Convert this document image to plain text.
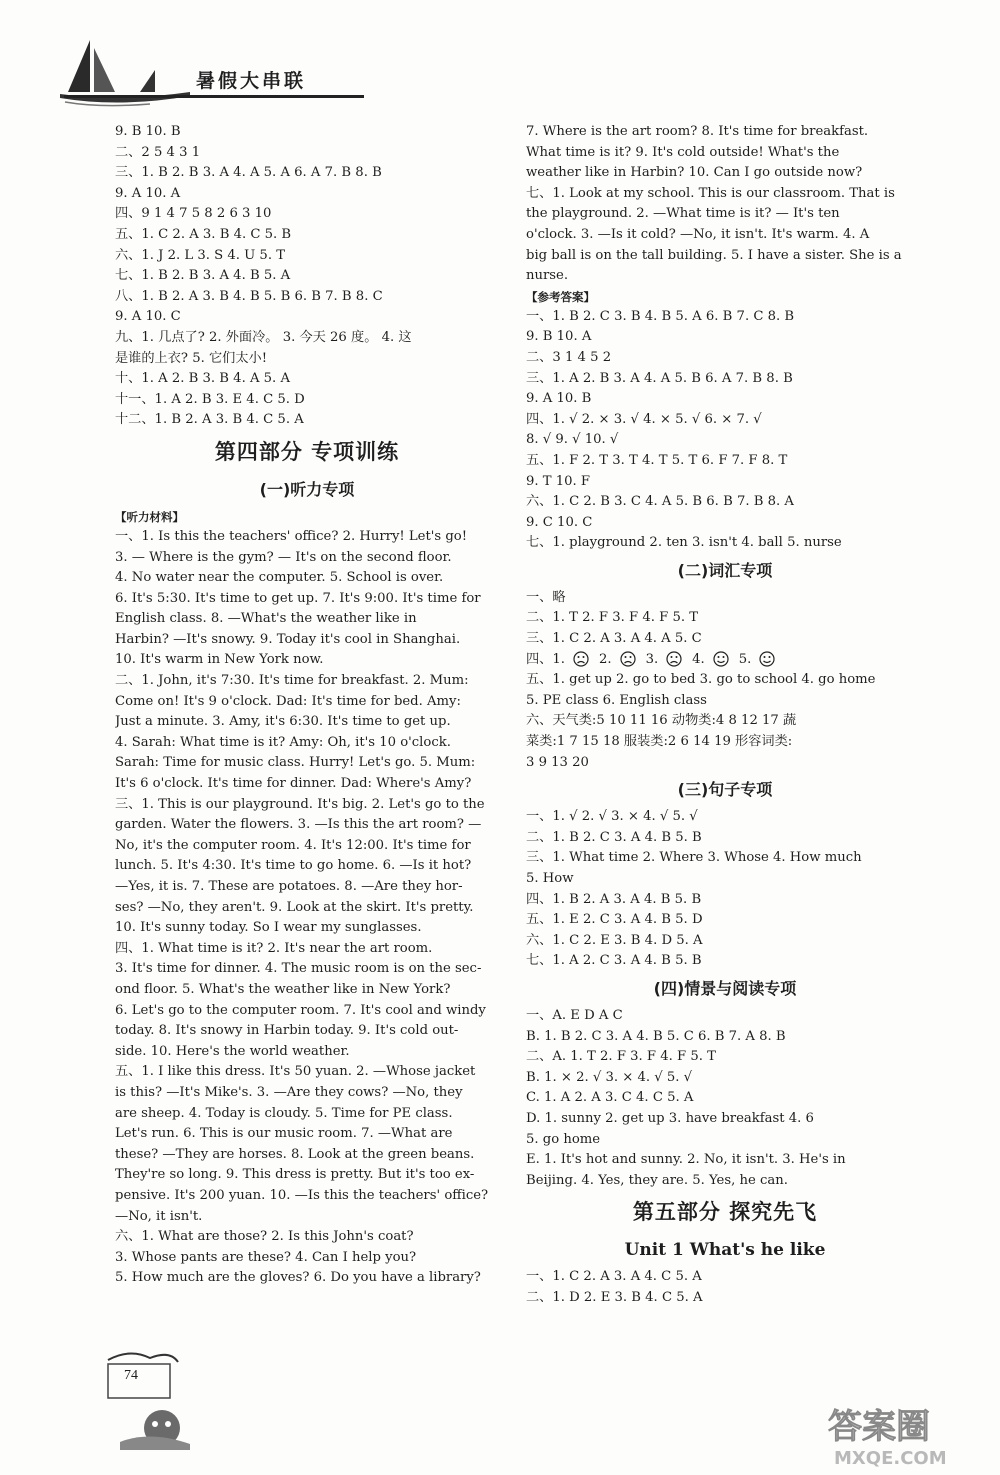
暑假大串联
9. B 10. B
二、2 5 4 3 1
三、1. B 2. B 3. A 4. A 5. A 6. A 7. B 8. B
9. A 10. A
四、9 1 4 7 5 8 2 6 3 10
五、1. C 2. A 3. B 4. C 5. B
六、1. J 2. L 3. S 4. U 5. T
七、1. B 2. B 3. A 4. B 5. A
八、1. B 2. A 3. B 4. B 5. B 6. B 7. B 8. C
9. A 10. C
九、1. 几点了? 2. 外面冷。 3. 今天 26 度。 4. 这
是谁的上衣? 5. 它们太小!
十、1. A 2. B 3. B 4. A 5. A
十一、1. A 2. B 3. E 4. C 5. D
十二、1. B 2. A 3. B 4. C 5. A
第四部分 专项训练
(一)听力专项
【听力材料】
一、1. Is this the teachers' office? 2. Hurry! Let's go!
3. — Where is the gym? — It's on the second floor.
4. No water near the computer. 5. School is over.
6. It's 5:30. It's time to get up. 7. It's 9:00. It's time for
English class. 8. —What's the weather like in
Harbin? —It's snowy. 9. Today it's cool in Shanghai.
10. It's warm in New York now.
二、1. John, it's 7:30. It's time for breakfast. 2. Mum:
Come on! It's 9 o'clock. Dad: It's time for bed. Amy:
Just a minute. 3. Amy, it's 6:30. It's time to get up.
4. Sarah: What time is it? Amy: Oh, it's 10 o'clock.
Sarah: Time for music class. Hurry! Let's go. 5. Mum:
It's 6 o'clock. It's time for dinner. Dad: Where's Amy?
三、1. This is our playground. It's big. 2. Let's go to the
garden. Water the flowers. 3. —Is this the art room? —
No, it's the computer room. 4. It's 12:00. It's time for
lunch. 5. It's 4:30. It's time to go home. 6. —Is it hot?
—Yes, it is. 7. These are potatoes. 8. —Are they hor-
ses? —No, they aren't. 9. Look at the skirt. It's pretty.
10. It's sunny today. So I wear my sunglasses.
四、1. What time is it? 2. It's near the art room.
3. It's time for dinner. 4. The music room is on the sec-
ond floor. 5. What's the weather like in New York?
6. Let's go to the computer room. 7. It's cool and windy
today. 8. It's snowy in Harbin today. 9. It's cold out-
side. 10. Here's the world weather.
五、1. I like this dress. It's 50 yuan. 2. —Whose jacket
is this? —It's Mike's. 3. —Are they cows? —No, they
are sheep. 4. Today is cloudy. 5. Time for PE class.
Let's run. 6. This is our music room. 7. —What are
these? —They are horses. 8. Look at the green beans.
They're so long. 9. This dress is pretty. But it's too ex-
pensive. It's 200 yuan. 10. —Is this the teachers' office?
—No, it isn't.
六、1. What are those? 2. Is this John's coat?
3. Whose pants are these? 4. Can I help you?
5. How much are the gloves? 6. Do you have a library?
7. Where is the art room? 8. It's time for breakfast.
What time is it? 9. It's cold outside! What's the
weather like in Harbin? 10. Can I go outside now?
七、1. Look at my school. This is our classroom. That is
the playground. 2. —What time is it? — It's ten
o'clock. 3. —Is it cold? —No, it isn't. It's warm. 4. A
big ball is on the tall building. 5. I have a sister. She is a
nurse.
【参考答案】
一、1. B 2. C 3. B 4. B 5. A 6. B 7. C 8. B
9. B 10. A
二、3 1 4 5 2
三、1. A 2. B 3. A 4. A 5. B 6. A 7. B 8. B
9. A 10. B
四、1. √ 2. × 3. √ 4. × 5. √ 6. × 7. √
8. √ 9. √ 10. √
五、1. F 2. T 3. T 4. T 5. T 6. F 7. F 8. T
9. T 10. F
六、1. C 2. B 3. C 4. A 5. B 6. B 7. B 8. A
9. C 10. C
七、1. playground 2. ten 3. isn't 4. ball 5. nurse
(二)词汇专项
一、略
二、1. T 2. F 3. F 4. F 5. T
三、1. C 2. A 3. A 4. A 5. C
四、1.	2.	3.	4.	5.
五、1. get up 2. go to bed 3. go to school 4. go home
5. PE class 6. English class
六、天气类:5 10 11 16 动物类:4 8 12 17 蔬
菜类:1 7 15 18 服装类:2 6 14 19 形容词类:
3 9 13 20
(三)句子专项
一、1. √ 2. √ 3. × 4. √ 5. √
二、1. B 2. C 3. A 4. B 5. B
三、1. What time 2. Where 3. Whose 4. How much
5. How
四、1. B 2. A 3. A 4. B 5. B
五、1. E 2. C 3. A 4. B 5. D
六、1. C 2. E 3. B 4. D 5. A
七、1. A 2. C 3. A 4. B 5. B
(四)情景与阅读专项
一、A. E D A C
B. 1. B 2. C 3. A 4. B 5. C 6. B 7. A 8. B
二、A. 1. T 2. F 3. F 4. F 5. T
B. 1. × 2. √ 3. × 4. √ 5. √
C. 1. A 2. A 3. C 4. C 5. A
D. 1. sunny 2. get up 3. have breakfast 4. 6
5. go home
E. 1. It's hot and sunny. 2. No, it isn't. 3. He's in
Beijing. 4. Yes, they are. 5. Yes, he can.
第五部分 探究先飞
Unit 1 What's he like
一、1. C 2. A 3. A 4. C 5. A
二、1. D 2. E 3. B 4. C 5. A
74
答案圈
MXQE.COM
